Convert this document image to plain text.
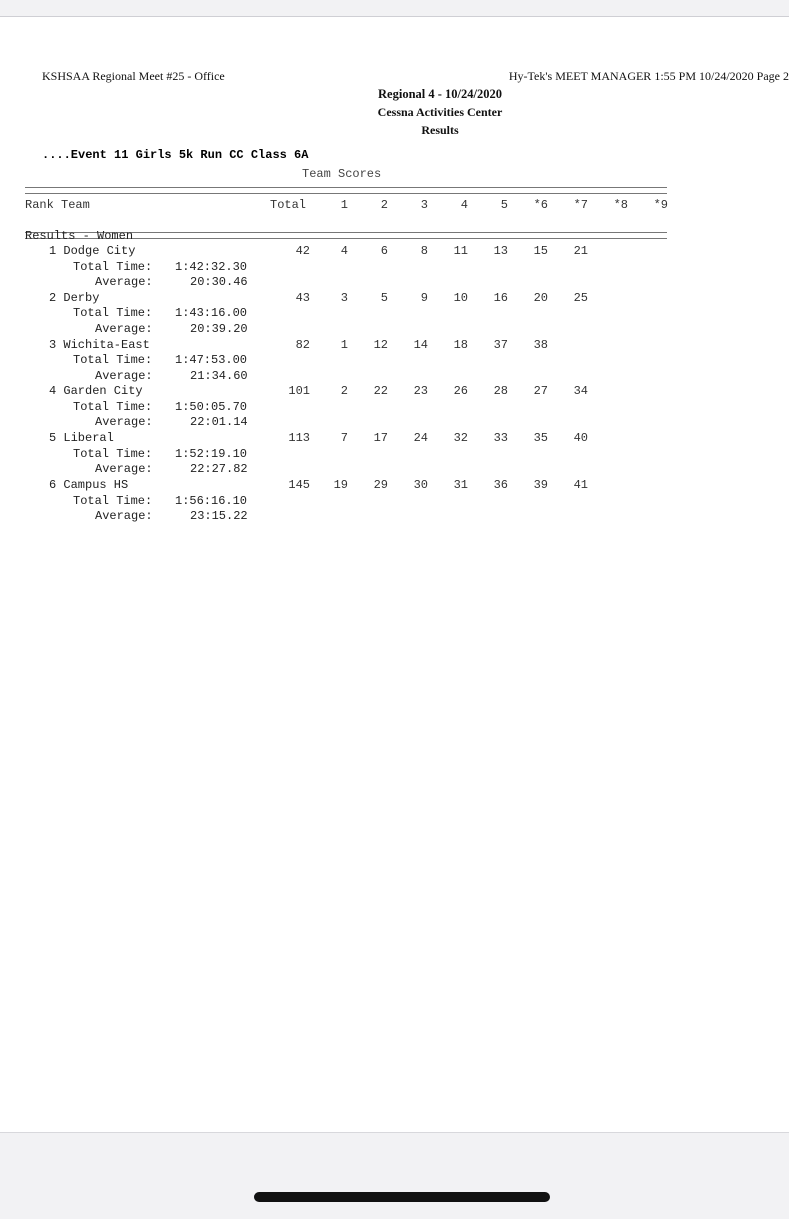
KSHSAA Regional Meet #25 - Office	Hy-Tek's MEET MANAGER 1:55 PM 10/24/2020 Page 2
Regional 4 - 10/24/2020
Cessna Activities Center
Results
....Event 11 Girls 5k Run CC Class 6A
Team Scores
Rank Team	Total	1	2	3	4	5	*6	*7	*8	*9
Results - Women
1 Dodge City	42	4	6	8	11	13	15	21
Total Time: 1:42:32.30
Average:	20:30.46
2 Derby	43	3	5	9	10	16	20	25
Total Time: 1:43:16.00
Average:	20:39.20
3 Wichita-East	82	1	12	14	18	37	38
Total Time: 1:47:53.00
Average:	21:34.60
4 Garden City	101	2	22	23	26	28	27	34
Total Time: 1:50:05.70
Average:	22:01.14
5 Liberal	113	7	17	24	32	33	35	40
Total Time: 1:52:19.10
Average:	22:27.82
6 Campus HS	145	19	29	30	31	36	39	41
Total Time: 1:56:16.10
Average:	23:15.22
